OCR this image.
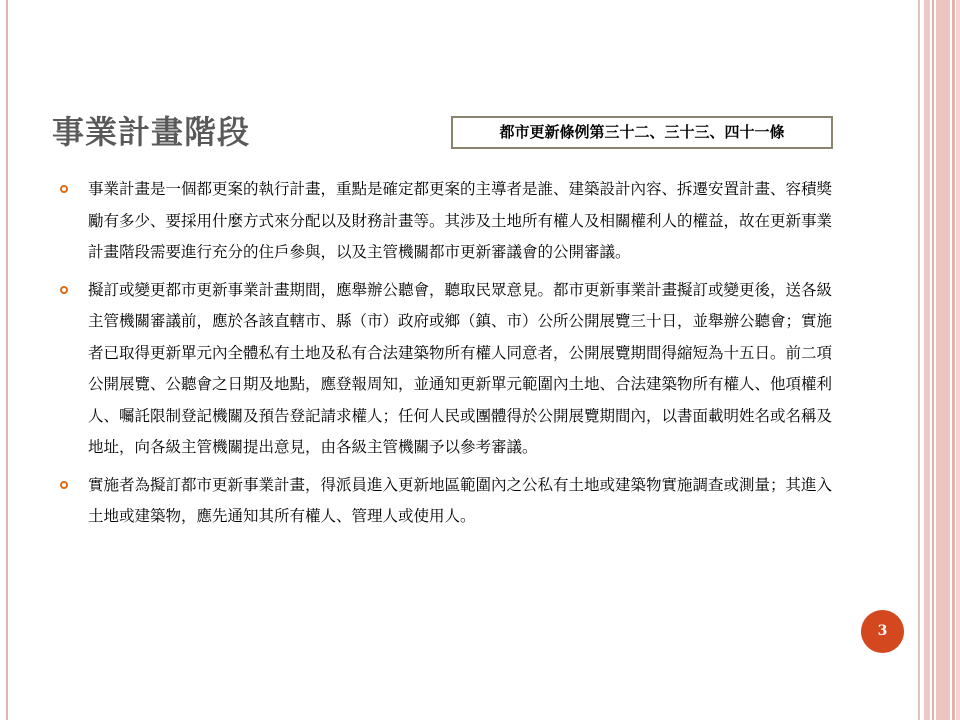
事業計畫階段	都市更新條例第三十二、三十三、四十一條
事業計畫是一個都更案的執行計畫，重點是確定都更案的主導者是誰、建築設計內容、拆遷安置計畫、容積獎勵有多少、要採用什麼方式來分配以及財務計畫等。其涉及土地所有權人及相關權利人的權益，故在更新事業計畫階段需要進行充分的住戶參與，以及主管機關都市更新審議會的公開審議。
擬訂或變更都市更新事業計畫期間，應舉辦公聽會，聽取民眾意見。都市更新事業計畫擬訂或變更後，送各級主管機關審議前，應於各該直轄市、縣（市）政府或鄉（鎮、市）公所公開展覽三十日，並舉辦公聽會；實施者已取得更新單元內全體私有土地及私有合法建築物所有權人同意者，公開展覽期間得縮短為十五日。前二項公開展覽、公聽會之日期及地點，應登報周知，並通知更新單元範圍內土地、合法建築物所有權人、他項權利人、囑託限制登記機關及預告登記請求權人；任何人民或團體得於公開展覽期間內，以書面載明姓名或名稱及地址，向各級主管機關提出意見，由各級主管機關予以參考審議。
實施者為擬訂都市更新事業計畫，得派員進入更新地區範圍內之公私有土地或建築物實施調查或測量；其進入土地或建築物，應先通知其所有權人、管理人或使用人。
3
